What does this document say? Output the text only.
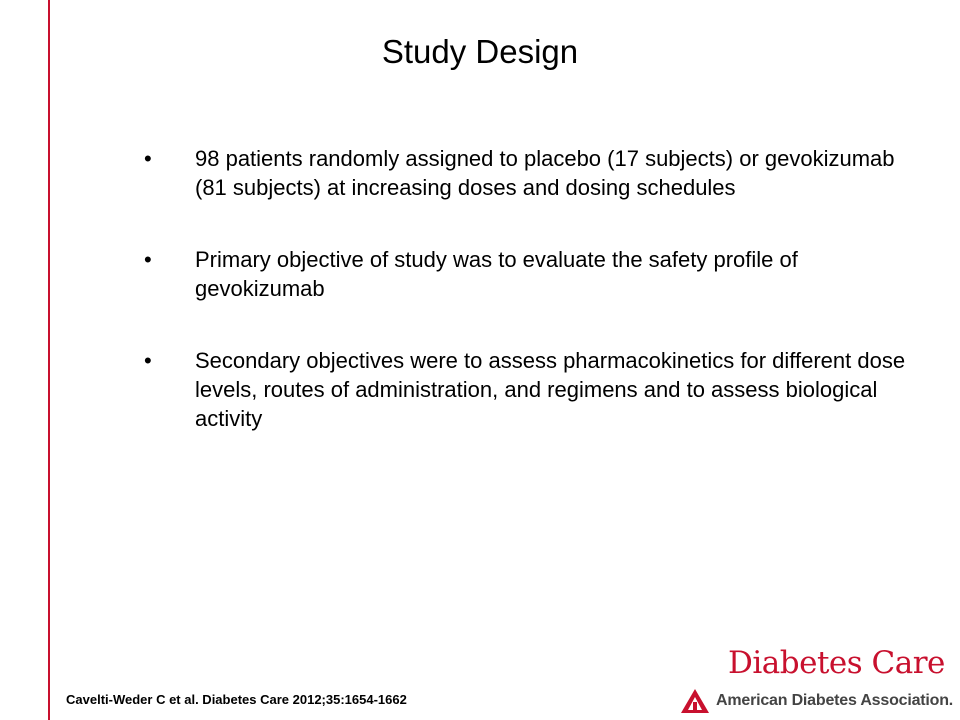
Study Design
• 98 patients randomly assigned to placebo (17 subjects) or gevokizumab (81 subjects) at increasing doses and dosing schedules
• Primary objective of study was to evaluate the safety profile of gevokizumab
• Secondary objectives were to assess pharmacokinetics for different dose levels, routes of administration, and regimens and to assess biological activity
Cavelti-Weder C et al. Diabetes Care 2012;35:1654-1662
Diabetes Care
American Diabetes Association.
